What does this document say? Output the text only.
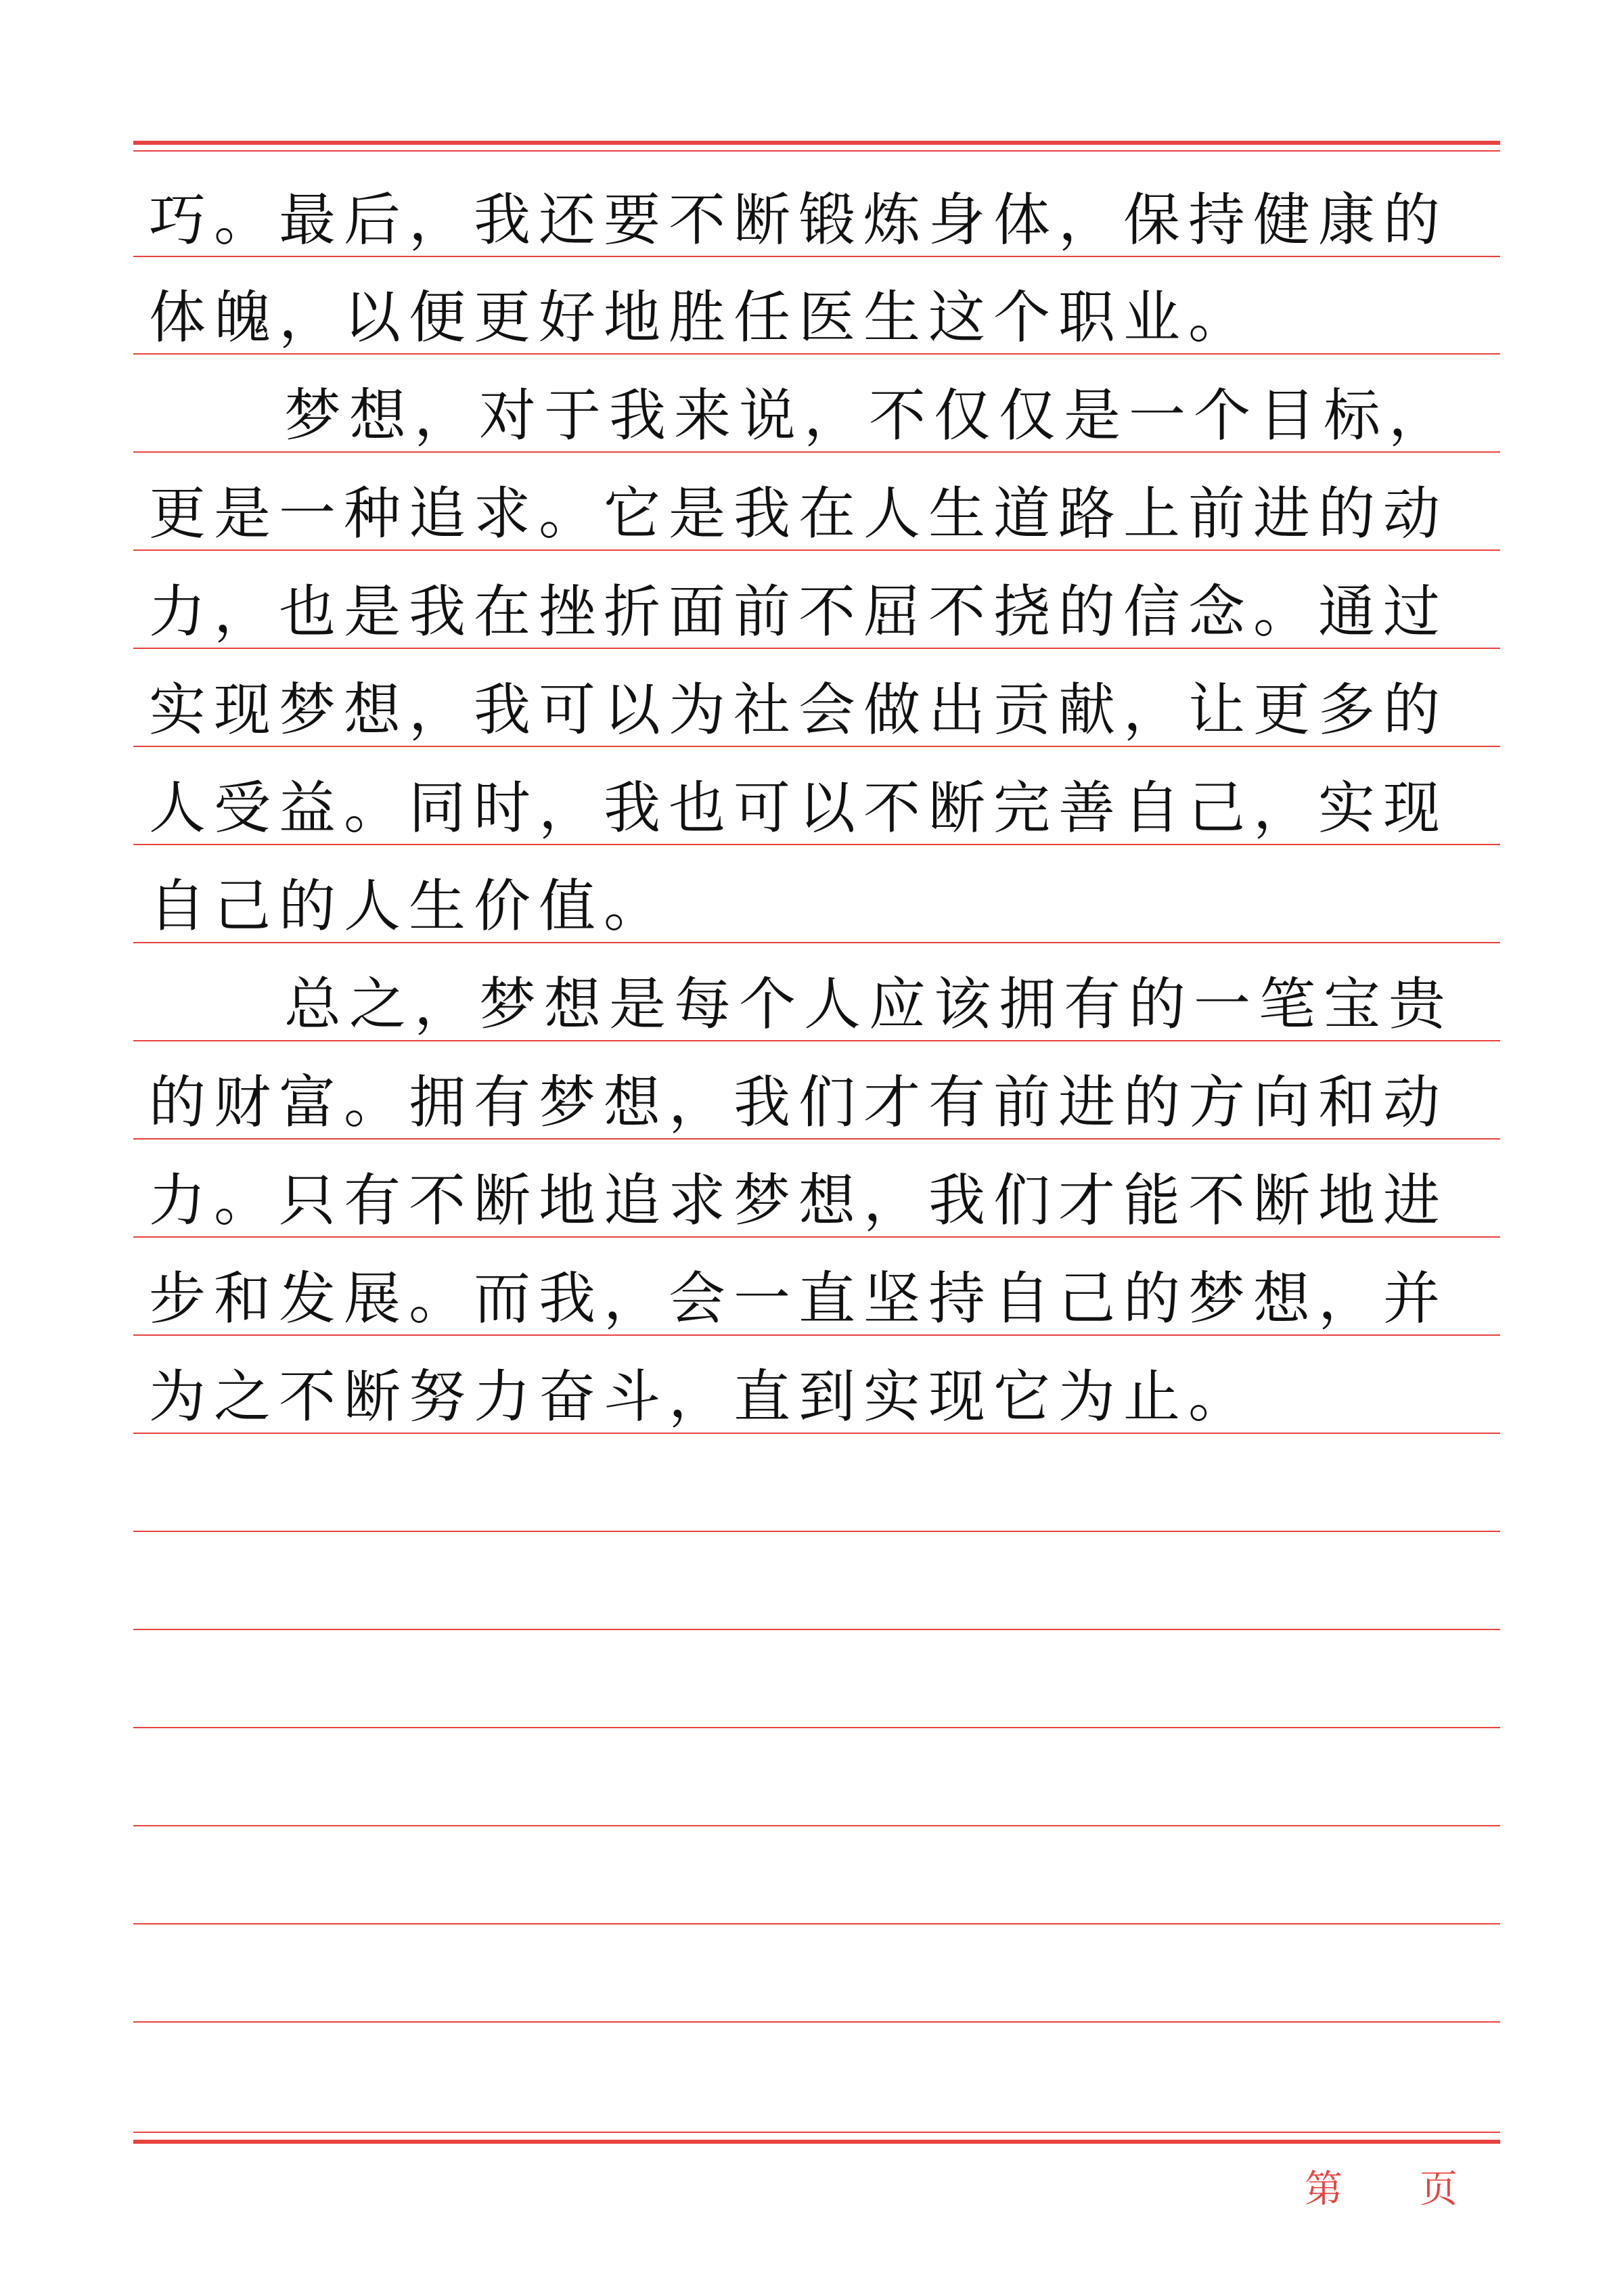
巧。最后，我还要不断锻炼身体，保持健康的
体魄，以便更好地胜任医生这个职业。
梦想，对于我来说，不仅仅是一个目标，
更是一种追求。它是我在人生道路上前进的动
力，也是我在挫折面前不屈不挠的信念。通过
实现梦想，我可以为社会做出贡献，让更多的
人受益。同时，我也可以不断完善自己，实现
自己的人生价值。
总之，梦想是每个人应该拥有的一笔宝贵
的财富。拥有梦想，我们才有前进的方向和动
力。只有不断地追求梦想，我们才能不断地进
步和发展。而我，会一直坚持自己的梦想，并
为之不断努力奋斗，直到实现它为止。
第 页
